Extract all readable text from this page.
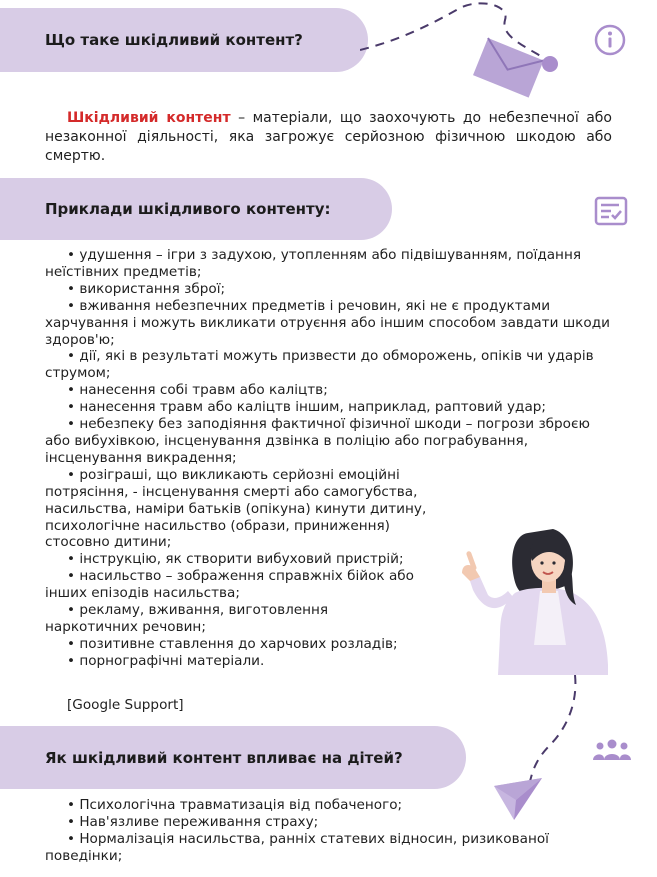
Що таке шкідливий контент?

Шкідливий контент – матеріали, що заохочують до небезпечної або незаконної діяльності, яка загрожує серйозною фізичною шкодою або смертю.

Приклади шкідливого контенту:
• удушення – ігри з задухою, утопленням або підвішуванням, поїдання неїстівних предметів;
• використання зброї;
• вживання небезпечних предметів і речовин, які не є продуктами харчування і можуть викликати отруєння або іншим способом завдати шкоди здоров'ю;
• дії, які в результаті можуть призвести до обморожень, опіків чи ударів струмом;
• нанесення собі травм або каліцтв;
• нанесення травм або каліцтв іншим, наприклад, раптовий удар;
• небезпеку без заподіяння фактичної фізичної шкоди – погрози зброєю або вибухівкою, інсценування дзвінка в поліцію або пограбування, інсценування викрадення;
• розіграші, що викликають серйозні емоційні потрясіння, - інсценування смерті або самогубства, насильства, наміри батьків (опікуна) кинути дитину, психологічне насильство (образи, приниження) стосовно дитини;
• інструкцію, як створити вибуховий пристрій;
• насильство – зображення справжніх бійок або інших епізодів насильства;
• рекламу, вживання, виготовлення наркотичних речовин;
• позитивне ставлення до харчових розладів;
• порнографічні матеріали.
[Google Support]
Як шкідливий контент впливає на дітей?
• Психологічна травматизація від побаченого;
• Нав'язливе переживання страху;
• Нормалізація насильства, ранніх статевих відносин, ризикованої поведінки;
